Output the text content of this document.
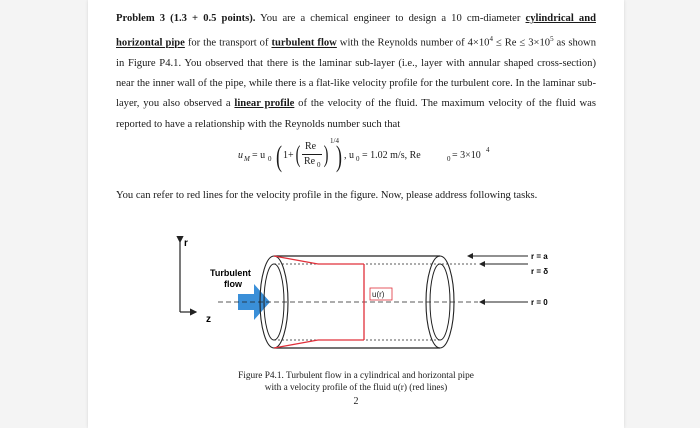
Problem 3 (1.3 + 0.5 points). You are a chemical engineer to design a 10 cm-diameter cylindrical and horizontal pipe for the transport of turbulent flow with the Reynolds number of $4\times 10^4 \le Re \le 3\times 10^5$ as shown in Figure P4.1. You observed that there is the laminar sub-layer (i.e., layer with annular shaped cross-section) near the inner wall of the pipe, while there is a flat-like velocity profile for the turbulent core. In the laminar sub-layer, you also observed a linear profile of the velocity of the fluid. The maximum velocity of the fluid was reported to have a relationship with the Reynolds number such that
u M = u 0 ( 1+ ( Re
Re 0 )
1/4
) , u 0 = 1.02 m/s, Re	0 = 3×10 4
You can refer to red lines for the velocity profile in the figure. Now, please address following tasks.
r
z
Turbulent
flow
u(r)
r = a
r = δ
r = 0
Figure P4.1. Turbulent flow in a cylindrical and horizontal pipe
with a velocity profile of the fluid u(r) (red lines)
2
